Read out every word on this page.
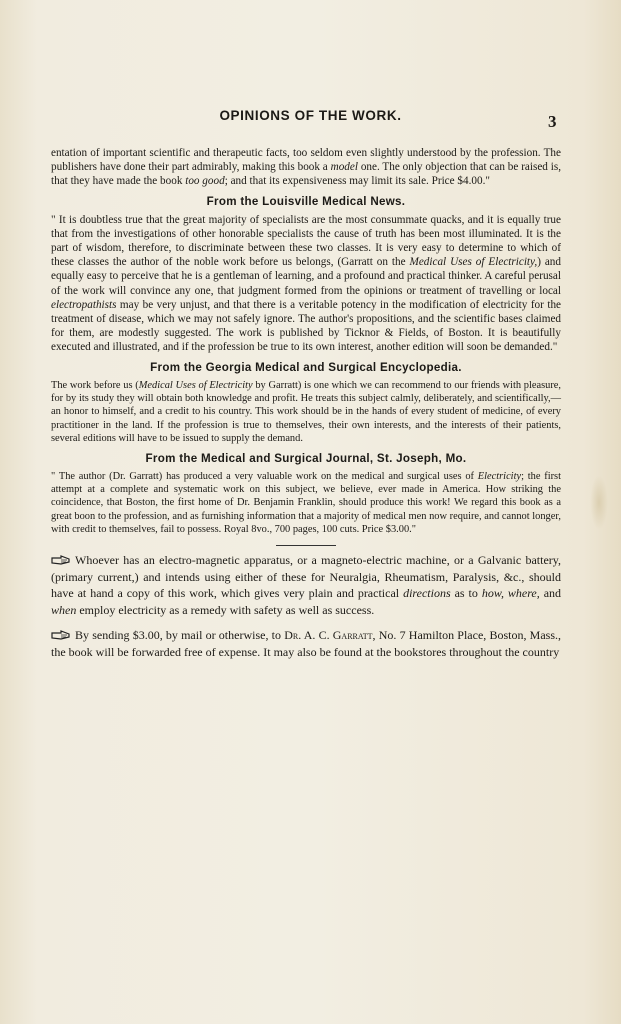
OPINIONS OF THE WORK.	3

entation of important scientific and therapeutic facts, too seldom even slightly understood by the profession. The publishers have done their part admirably, making this book a model one. The only objection that can be raised is, that they have made the book too good; and that its expensiveness may limit its sale. Price $4.00."

From the Louisville Medical News.

" It is doubtless true that the great majority of specialists are the most consummate quacks, and it is equally true that from the investigations of other honorable specialists the cause of truth has been most illuminated. It is the part of wisdom, therefore, to discriminate between these two classes. It is very easy to determine to which of these classes the author of the noble work before us belongs, (Garratt on the Medical Uses of Electricity,) and equally easy to perceive that he is a gentleman of learning, and a profound and practical thinker. A careful perusal of the work will convince any one, that judgment formed from the opinions or treatment of travelling or local electropathists may be very unjust, and that there is a veritable potency in the modification of electricity for the treatment of disease, which we may not safely ignore. The author's propositions, and the scientific bases claimed for them, are modestly suggested. The work is published by Ticknor & Fields, of Boston. It is beautifully executed and illustrated, and if the profession be true to its own interest, another edition will soon be demanded."

From the Georgia Medical and Surgical Encyclopedia.

The work before us (Medical Uses of Electricity by Garratt) is one which we can recommend to our friends with pleasure, for by its study they will obtain both knowledge and profit. He treats this subject calmly, deliberately, and scientifically,—an honor to himself, and a credit to his country. This work should be in the hands of every student of medicine, of every practitioner in the land. If the profession is true to themselves, their own interests, and the interests of their patients, several editions will have to be issued to supply the demand.

From the Medical and Surgical Journal, St. Joseph, Mo.

" The author (Dr. Garratt) has produced a very valuable work on the medical and surgical uses of Electricity; the first attempt at a complete and systematic work on this subject, we believe, ever made in America. How striking the coincidence, that Boston, the first home of Dr. Benjamin Franklin, should produce this work! We regard this book as a great boon to the profession, and as furnishing information that a majority of medical men now require, and cannot longer, with credit to themselves, fail to possess. Royal 8vo., 700 pages, 100 cuts. Price $3.00."

Whoever has an electro-magnetic apparatus, or a magneto-electric machine, or a Galvanic battery, (primary current,) and intends using either of these for Neuralgia, Rheumatism, Paralysis, &c., should have at hand a copy of this work, which gives very plain and practical directions as to how, where, and when employ electricity as a remedy with safety as well as success.

By sending $3.00, by mail or otherwise, to Dr. A. C. Garratt, No. 7 Hamilton Place, Boston, Mass., the book will be forwarded free of expense. It may also be found at the bookstores throughout the country
